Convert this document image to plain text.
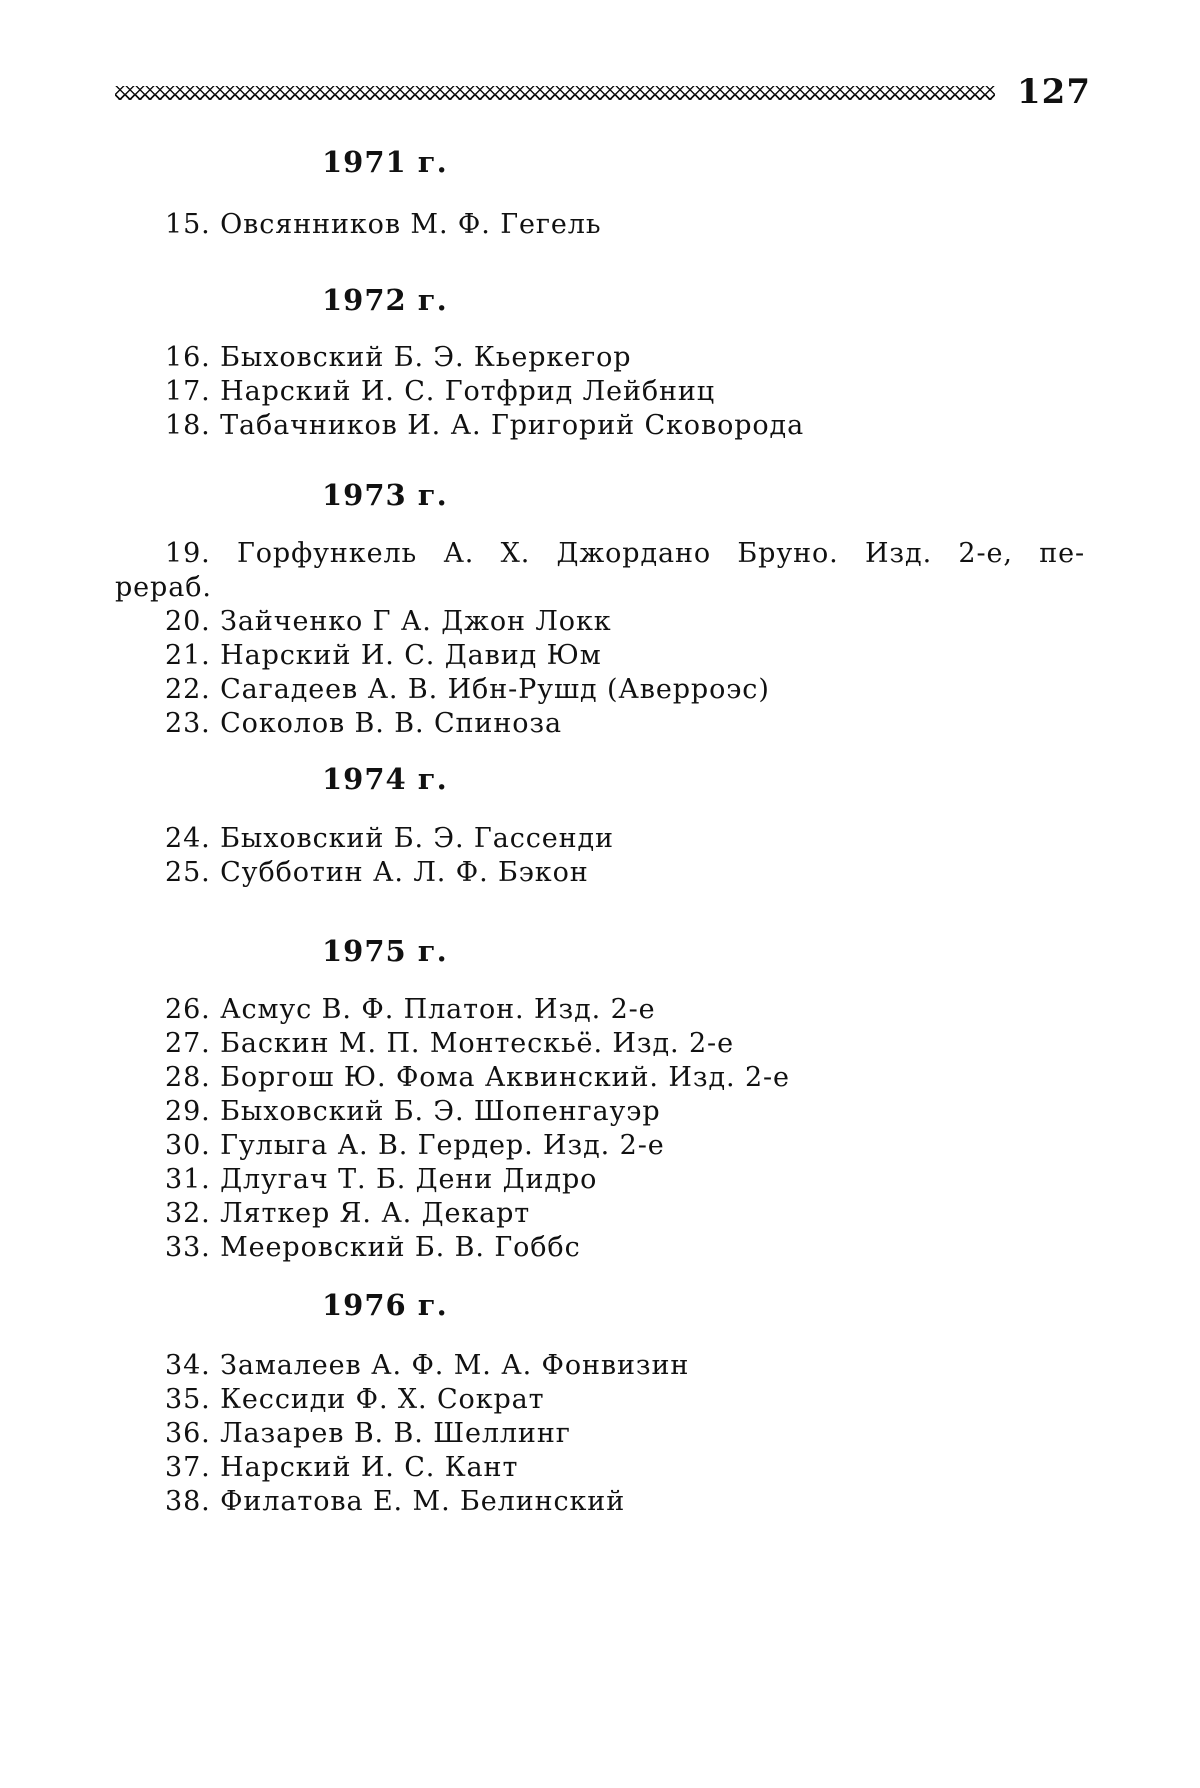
127
1971 г.
15. Овсянников М. Ф. Гегель
1972 г.
16. Быховский Б. Э. Кьеркегор
17. Нарский И. С. Готфрид Лейбниц
18. Табачников И. А. Григорий Сковорода
1973 г.
19. Горфункель А. Х. Джордано Бруно. Изд. 2-е, пе-
рераб.
20. Зайченко Г А. Джон Локк
21. Нарский И. С. Давид Юм
22. Сагадеев А. В. Ибн-Рушд (Аверроэс)
23. Соколов В. В. Спиноза
1974 г.
24. Быховский Б. Э. Гассенди
25. Субботин А. Л. Ф. Бэкон
1975 г.
26. Асмус В. Ф. Платон. Изд. 2-е
27. Баскин М. П. Монтескьё. Изд. 2-е
28. Боргош Ю. Фома Аквинский. Изд. 2-е
29. Быховский Б. Э. Шопенгауэр
30. Гулыга А. В. Гердер. Изд. 2-е
31. Длугач Т. Б. Дени Дидро
32. Ляткер Я. А. Декарт
33. Мееровский Б. В. Гоббс
1976 г.
34. Замалеев А. Ф. М. А. Фонвизин
35. Кессиди Ф. Х. Сократ
36. Лазарев В. В. Шеллинг
37. Нарский И. С. Кант
38. Филатова Е. М. Белинский
